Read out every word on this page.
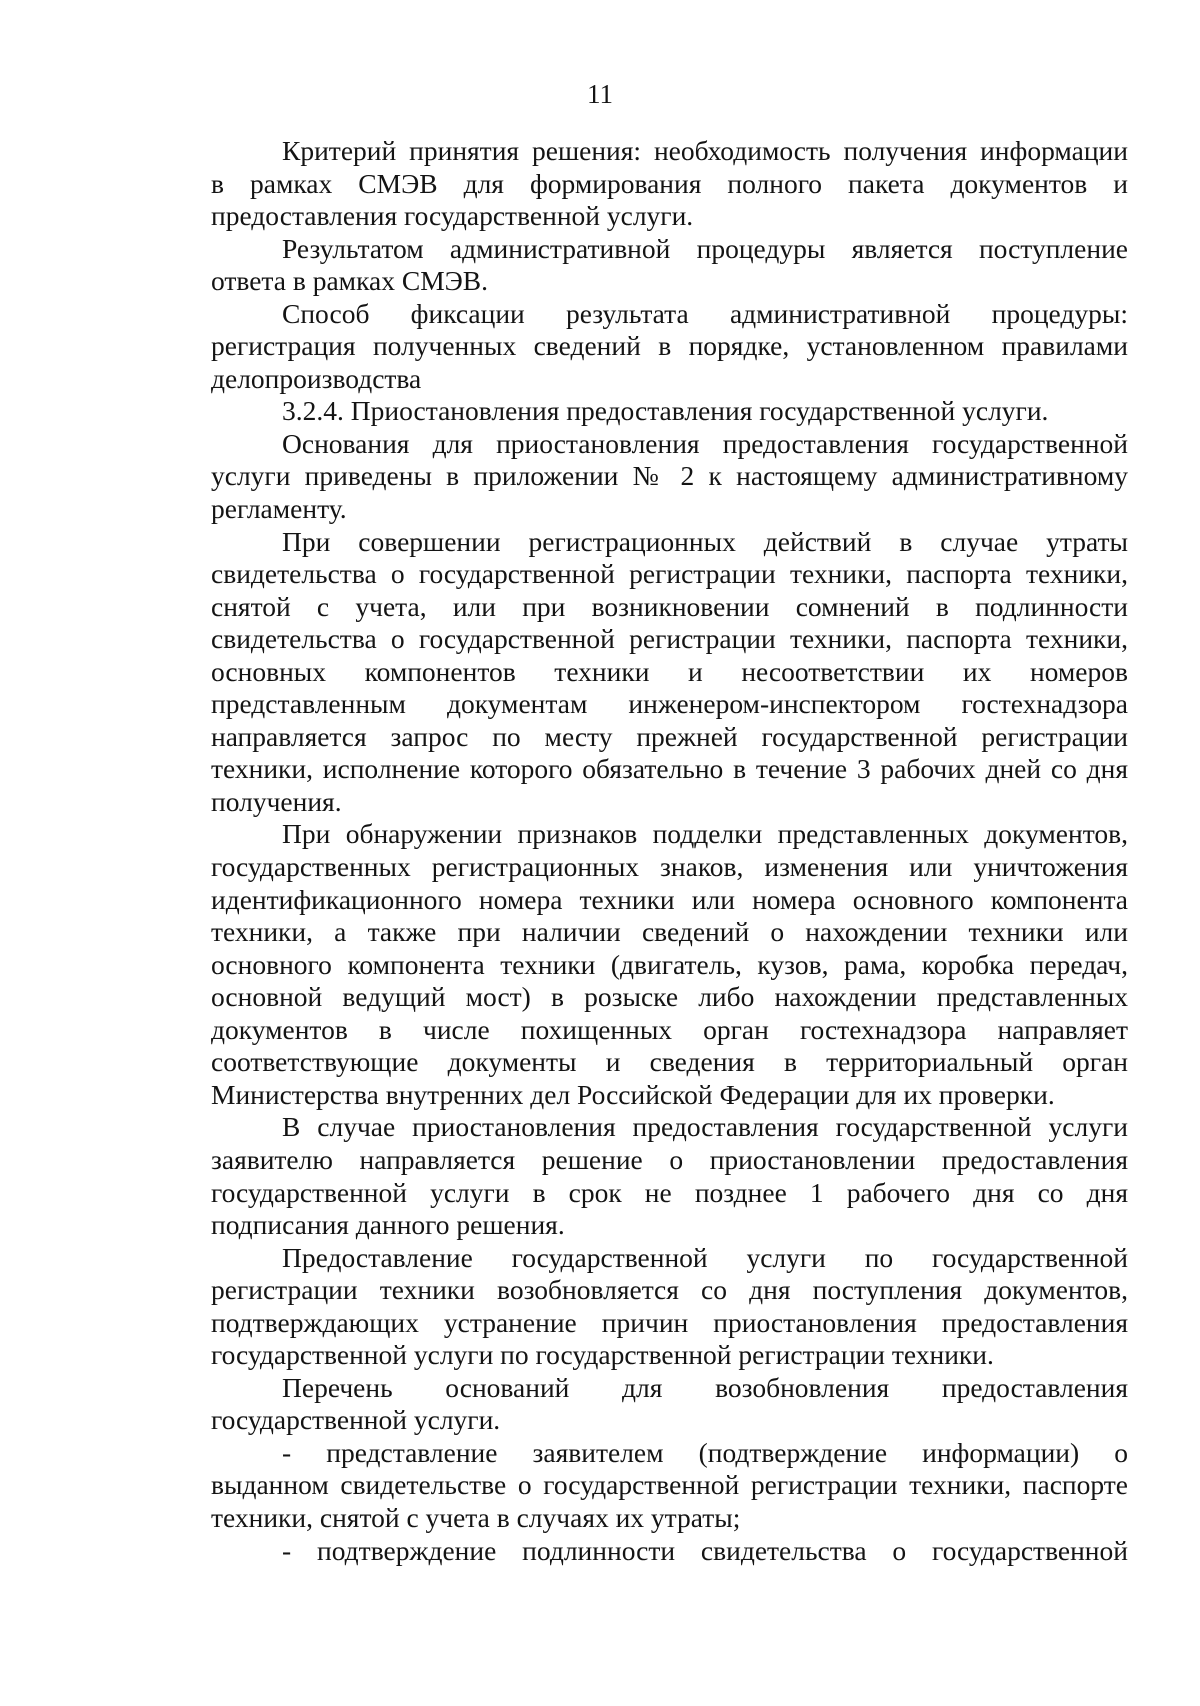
11
Критерий принятия решения: необходимость получения информации
в рамках СМЭВ для формирования полного пакета документов и
предоставления государственной услуги.
Результатом административной процедуры является поступление
ответа в рамках СМЭВ.
Способ фиксации результата административной процедуры:
регистрация полученных сведений в порядке, установленном правилами
делопроизводства
3.2.4. Приостановления предоставления государственной услуги.
Основания для приостановления предоставления государственной
услуги приведены в приложении № 2 к настоящему административному
регламенту.
При совершении регистрационных действий в случае утраты
свидетельства о государственной регистрации техники, паспорта техники,
снятой с учета, или при возникновении сомнений в подлинности
свидетельства о государственной регистрации техники, паспорта техники,
основных компонентов техники и несоответствии их номеров
представленным документам инженером-инспектором гостехнадзора
направляется запрос по месту прежней государственной регистрации
техники, исполнение которого обязательно в течение 3 рабочих дней со дня
получения.
При обнаружении признаков подделки представленных документов,
государственных регистрационных знаков, изменения или уничтожения
идентификационного номера техники или номера основного компонента
техники, а также при наличии сведений о нахождении техники или
основного компонента техники (двигатель, кузов, рама, коробка передач,
основной ведущий мост) в розыске либо нахождении представленных
документов в числе похищенных орган гостехнадзора направляет
соответствующие документы и сведения в территориальный орган
Министерства внутренних дел Российской Федерации для их проверки.
В случае приостановления предоставления государственной услуги
заявителю направляется решение о приостановлении предоставления
государственной услуги в срок не позднее 1 рабочего дня со дня
подписания данного решения.
Предоставление государственной услуги по государственной
регистрации техники возобновляется со дня поступления документов,
подтверждающих устранение причин приостановления предоставления
государственной услуги по государственной регистрации техники.
Перечень оснований для возобновления предоставления
государственной услуги.
- представление заявителем (подтверждение информации) о
выданном свидетельстве о государственной регистрации техники, паспорте
техники, снятой с учета в случаях их утраты;
- подтверждение подлинности свидетельства о государственной
